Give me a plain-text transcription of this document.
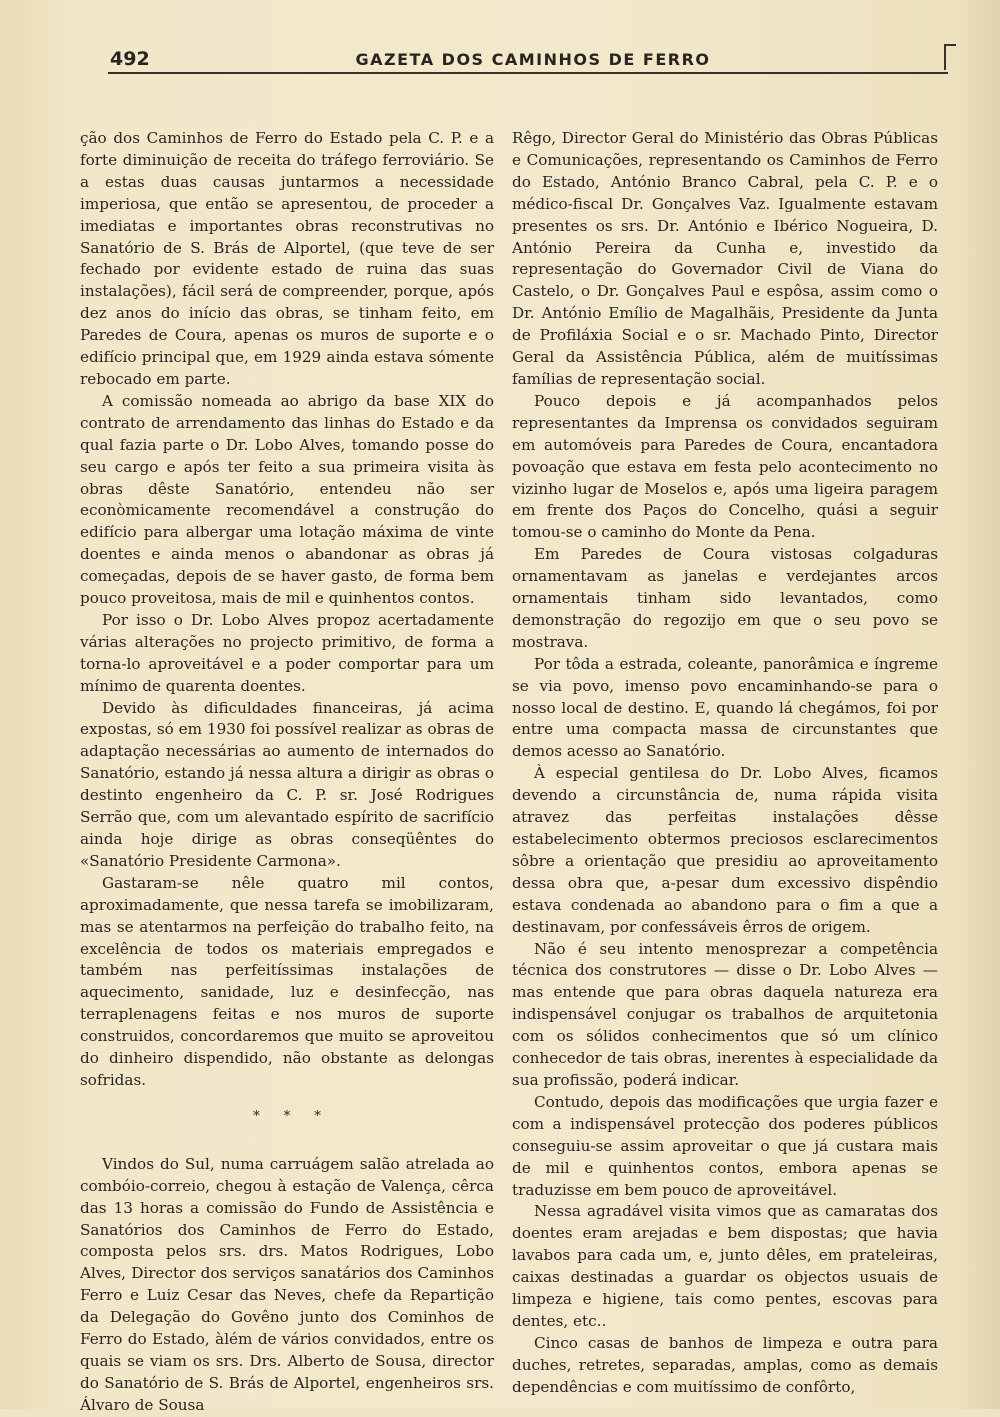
492	GAZETA DOS CAMINHOS DE FERRO

ção dos Caminhos de Ferro do Estado pela C. P. e a forte diminuição de receita do tráfego ferroviário. Se a estas duas causas juntarmos a necessidade imperiosa, que então se apresentou, de proceder a imediatas e importantes obras reconstrutivas no Sanatório de S. Brás de Alportel, (que teve de ser fechado por evidente estado de ruina das suas instalações), fácil será de compreender, porque, após dez anos do início das obras, se tinham feito, em Paredes de Coura, apenas os muros de suporte e o edifício principal que, em 1929 ainda estava sómente rebocado em parte.

A comissão nomeada ao abrigo da base XIX do contrato de arrendamento das linhas do Estado e da qual fazia parte o Dr. Lobo Alves, tomando posse do seu cargo e após ter feito a sua primeira visita às obras dêste Sanatório, entendeu não ser econòmicamente recomendável a construção do edifício para albergar uma lotação máxima de vinte doentes e ainda menos o abandonar as obras já começadas, depois de se haver gasto, de forma bem pouco proveitosa, mais de mil e quinhentos contos.

Por isso o Dr. Lobo Alves propoz acertadamente várias alterações no projecto primitivo, de forma a torna-lo aproveitável e a poder comportar para um mínimo de quarenta doentes.

Devido às dificuldades financeiras, já acima expostas, só em 1930 foi possível realizar as obras de adaptação necessárias ao aumento de internados do Sanatório, estando já nessa altura a dirigir as obras o destinto engenheiro da C. P. sr. José Rodrigues Serrão que, com um alevantado espírito de sacrifício ainda hoje dirige as obras conseqüêntes do «Sanatório Presidente Carmona».

Gastaram-se nêle quatro mil contos, aproximadamente, que nessa tarefa se imobilizaram, mas se atentarmos na perfeição do trabalho feito, na excelência de todos os materiais empregados e também nas perfeitíssimas instalações de aquecimento, sanidade, luz e desinfecção, nas terraplenagens feitas e nos muros de suporte construidos, concordaremos que muito se aproveitou do dinheiro dispendido, não obstante as delongas sofridas.

* * *

Vindos do Sul, numa carruágem salão atrelada ao combóio-correio, chegou à estação de Valença, cêrca das 13 horas a comissão do Fundo de Assistência e Sanatórios dos Caminhos de Ferro do Estado, composta pelos srs. drs. Matos Rodrigues, Lobo Alves, Director dos serviços sanatários dos Caminhos Ferro e Luiz Cesar das Neves, chefe da Repartição da Delegação do Govêno junto dos Cominhos de Ferro do Estado, àlém de vários convidados, entre os quais se viam os srs. Drs. Alberto de Sousa, director do Sanatório de S. Brás de Alportel, engenheiros srs. Álvaro de Sousa

Rêgo, Director Geral do Ministério das Obras Públicas e Comunicações, representando os Caminhos de Ferro do Estado, António Branco Cabral, pela C. P. e o médico-fiscal Dr. Gonçalves Vaz. Igualmente estavam presentes os srs. Dr. António e Ibérico Nogueira, D. António Pereira da Cunha e, investido da representação do Governador Civil de Viana do Castelo, o Dr. Gonçalves Paul e espôsa, assim como o Dr. António Emílio de Magalhãis, Presidente da Junta de Profiláxia Social e o sr. Machado Pinto, Director Geral da Assistência Pública, além de muitíssimas famílias de representação social.

Pouco depois e já acompanhados pelos representantes da Imprensa os convidados seguiram em automóveis para Paredes de Coura, encantadora povoação que estava em festa pelo acontecimento no vizinho lugar de Moselos e, após uma ligeira paragem em frente dos Paços do Concelho, quási a seguir tomou-se o caminho do Monte da Pena.

Em Paredes de Coura vistosas colgaduras ornamentavam as janelas e verdejantes arcos ornamentais tinham sido levantados, como demonstração do regozijo em que o seu povo se mostrava.

Por tôda a estrada, coleante, panorâmica e íngreme se via povo, imenso povo encaminhando-se para o nosso local de destino. E, quando lá chegámos, foi por entre uma compacta massa de circunstantes que demos acesso ao Sanatório.

À especial gentilesa do Dr. Lobo Alves, ficamos devendo a circunstância de, numa rápida visita atravez das perfeitas instalações dêsse estabelecimento obtermos preciosos esclarecimentos sôbre a orientação que presidiu ao aproveitamento dessa obra que, a-pesar dum excessivo dispêndio estava condenada ao abandono para o fim a que a destinavam, por confessáveis êrros de origem.

Não é seu intento menosprezar a competência técnica dos construtores — disse o Dr. Lobo Alves — mas entende que para obras daquela natureza era indispensável conjugar os trabalhos de arquitetonia com os sólidos conhecimentos que só um clínico conhecedor de tais obras, inerentes à especialidade da sua profissão, poderá indicar.

Contudo, depois das modificações que urgia fazer e com a indispensável protecção dos poderes públicos conseguiu-se assim aproveitar o que já custara mais de mil e quinhentos contos, embora apenas se traduzisse em bem pouco de aproveitável.

Nessa agradável visita vimos que as camaratas dos doentes eram arejadas e bem dispostas; que havia lavabos para cada um, e, junto dêles, em prateleiras, caixas destinadas a guardar os objectos usuais de limpeza e higiene, tais como pentes, escovas para dentes, etc..

Cinco casas de banhos de limpeza e outra para duches, retretes, separadas, amplas, como as demais dependências e com muitíssimo de confôrto,
